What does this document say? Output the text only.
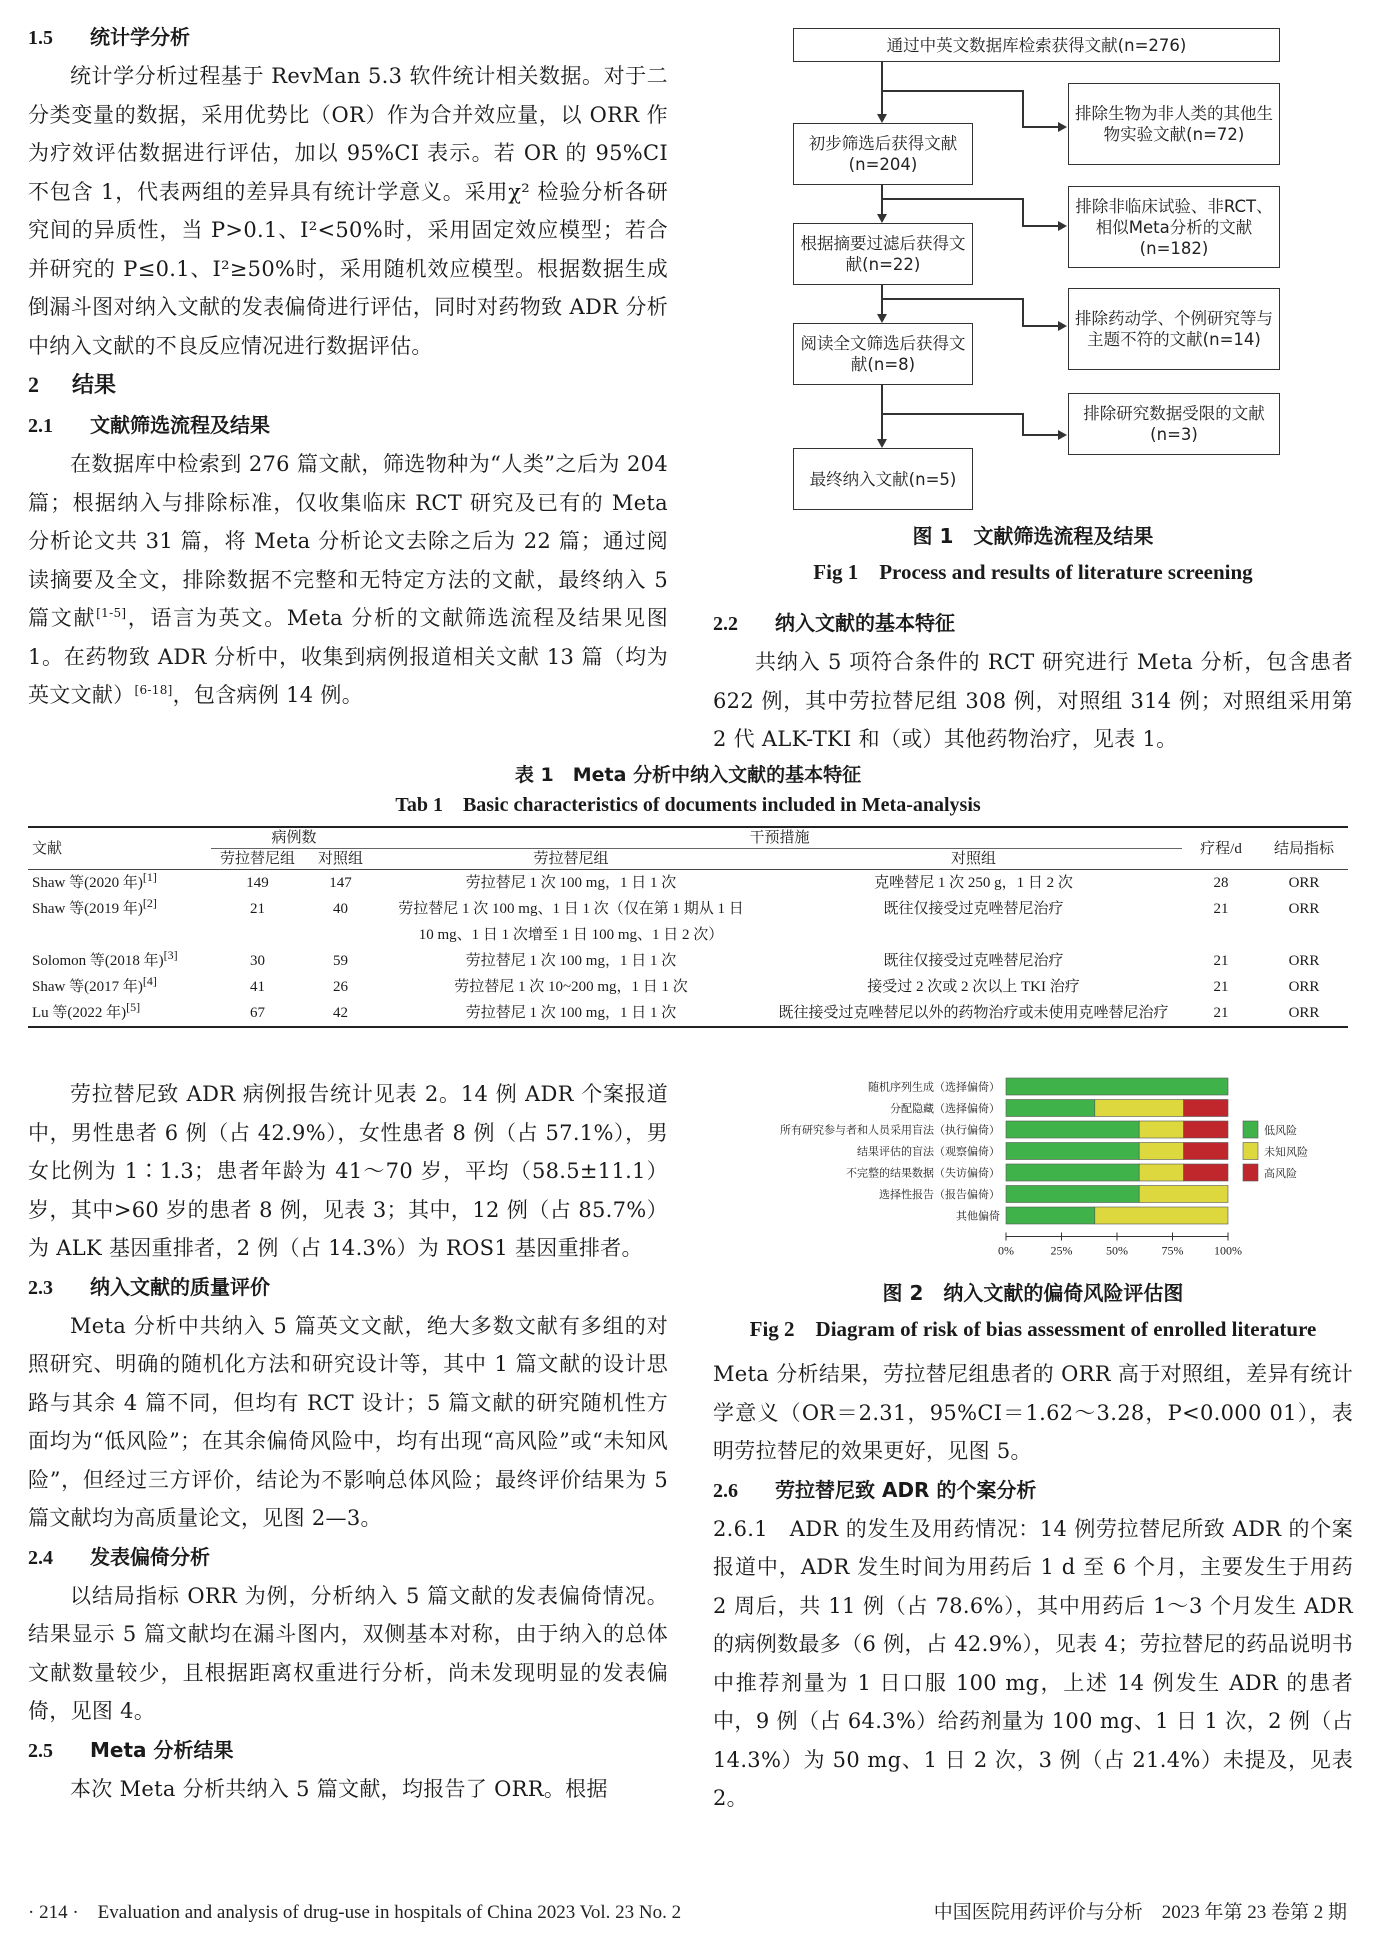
1.5 统计学分析

统计学分析过程基于 RevMan 5.3 软件统计相关数据。对于二分类变量的数据，采用优势比（OR）作为合并效应量，以 ORR 作为疗效评估数据进行评估，加以 95%CI 表示。若 OR 的 95%CI 不包含 1，代表两组的差异具有统计学意义。采用χ² 检验分析各研究间的异质性，当 P>0.1、I²<50%时，采用固定效应模型；若合并研究的 P≤0.1、I²≥50%时，采用随机效应模型。根据数据生成倒漏斗图对纳入文献的发表偏倚进行评估，同时对药物致 ADR 分析中纳入文献的不良反应情况进行数据评估。

2 结果
2.1 文献筛选流程及结果

在数据库中检索到 276 篇文献，筛选物种为“人类”之后为 204 篇；根据纳入与排除标准，仅收集临床 RCT 研究及已有的 Meta 分析论文共 31 篇，将 Meta 分析论文去除之后为 22 篇；通过阅读摘要及全文，排除数据不完整和无特定方法的文献，最终纳入 5 篇文献[1-5]，语言为英文。Meta 分析的文献筛选流程及结果见图 1。在药物致 ADR 分析中，收集到病例报道相关文献 13 篇（均为英文文献）[6-18]，包含病例 14 例。

通过中英文数据库检索获得文献(n=276)
初步筛选后获得文献(n=204)
根据摘要过滤后获得文献(n=22)
阅读全文筛选后获得文献(n=8)
最终纳入文献(n=5)
排除生物为非人类的其他生物实验文献(n=72)
排除非临床试验、非RCT、相似Meta分析的文献(n=182)
排除药动学、个例研究等与主题不符的文献(n=14)
排除研究数据受限的文献(n=3)
图 1　文献筛选流程及结果
Fig 1　Process and results of literature screening
2.2 纳入文献的基本特征

共纳入 5 项符合条件的 RCT 研究进行 Meta 分析，包含患者 622 例，其中劳拉替尼组 308 例，对照组 314 例；对照组采用第 2 代 ALK-TKI 和（或）其他药物治疗，见表 1。

表 1　Meta 分析中纳入文献的基本特征
Tab 1　Basic characteristics of documents included in Meta-analysis
文献	病例数		干预措施		疗程/d	结局指标
	劳拉替尼组	对照组	劳拉替尼组	对照组		
Shaw 等(2020 年)[1]	149	147	劳拉替尼 1 次 100 mg，1 日 1 次	克唑替尼 1 次 250 g，1 日 2 次	28	ORR
Shaw 等(2019 年)[2]	21	40	劳拉替尼 1 次 100 mg、1 日 1 次（仅在第 1 期从 1 日 10 mg、1 日 1 次增至 1 日 100 mg、1 日 2 次）	既往仅接受过克唑替尼治疗	21	ORR
Solomon 等(2018 年)[3]	30	59	劳拉替尼 1 次 100 mg，1 日 1 次	既往仅接受过克唑替尼治疗	21	ORR
Shaw 等(2017 年)[4]	41	26	劳拉替尼 1 次 10~200 mg，1 日 1 次	接受过 2 次或 2 次以上 TKI 治疗	21	ORR
Lu 等(2022 年)[5]	67	42	劳拉替尼 1 次 100 mg，1 日 1 次	既往接受过克唑替尼以外的药物治疗或未使用克唑替尼治疗	21	ORR

劳拉替尼致 ADR 病例报告统计见表 2。14 例 ADR 个案报道中，男性患者 6 例（占 42.9%），女性患者 8 例（占 57.1%），男女比例为 1∶1.3；患者年龄为 41～70 岁，平均（58.5±11.1）岁，其中>60 岁的患者 8 例，见表 3；其中，12 例（占 85.7%）为 ALK 基因重排者，2 例（占 14.3%）为 ROS1 基因重排者。

2.3 纳入文献的质量评价

Meta 分析中共纳入 5 篇英文文献，绝大多数文献有多组的对照研究、明确的随机化方法和研究设计等，其中 1 篇文献的设计思路与其余 4 篇不同，但均有 RCT 设计；5 篇文献的研究随机性方面均为“低风险”；在其余偏倚风险中，均有出现“高风险”或“未知风险”，但经过三方评价，结论为不影响总体风险；最终评价结果为 5 篇文献均为高质量论文，见图 2—3。

2.4 发表偏倚分析

以结局指标 ORR 为例，分析纳入 5 篇文献的发表偏倚情况。结果显示 5 篇文献均在漏斗图内，双侧基本对称，由于纳入的总体文献数量较少，且根据距离权重进行分析，尚未发现明显的发表偏倚，见图 4。

2.5 Meta 分析结果

本次 Meta 分析共纳入 5 篇文献，均报告了 ORR。根据

随机序列生成（选择偏倚）
分配隐藏（选择偏倚）
所有研究参与者和人员采用盲法（执行偏倚）
结果评估的盲法（观察偏倚）
不完整的结果数据（失访偏倚）
选择性报告（报告偏倚）
其他偏倚
0%	25%	50%	75%	100%
低风险
未知风险
高风险
图 2　纳入文献的偏倚风险评估图
Fig 2　Diagram of risk of bias assessment of enrolled literature

Meta 分析结果，劳拉替尼组患者的 ORR 高于对照组，差异有统计学意义（OR＝2.31，95%CI＝1.62～3.28，P<0.000 01），表明劳拉替尼的效果更好，见图 5。

2.6 劳拉替尼致 ADR 的个案分析

2.6.1　ADR 的发生及用药情况：14 例劳拉替尼所致 ADR 的个案报道中，ADR 发生时间为用药后 1 d 至 6 个月，主要发生于用药 2 周后，共 11 例（占 78.6%），其中用药后 1～3 个月发生 ADR 的病例数最多（6 例，占 42.9%），见表 4；劳拉替尼的药品说明书中推荐剂量为 1 日口服 100 mg，上述 14 例发生 ADR 的患者中，9 例（占 64.3%）给药剂量为 100 mg、1 日 1 次，2 例（占 14.3%）为 50 mg、1 日 2 次，3 例（占 21.4%）未提及，见表 2。

· 214 ·　Evaluation and analysis of drug-use in hospitals of China 2023 Vol. 23 No. 2	中国医院用药评价与分析　2023 年第 23 卷第 2 期
